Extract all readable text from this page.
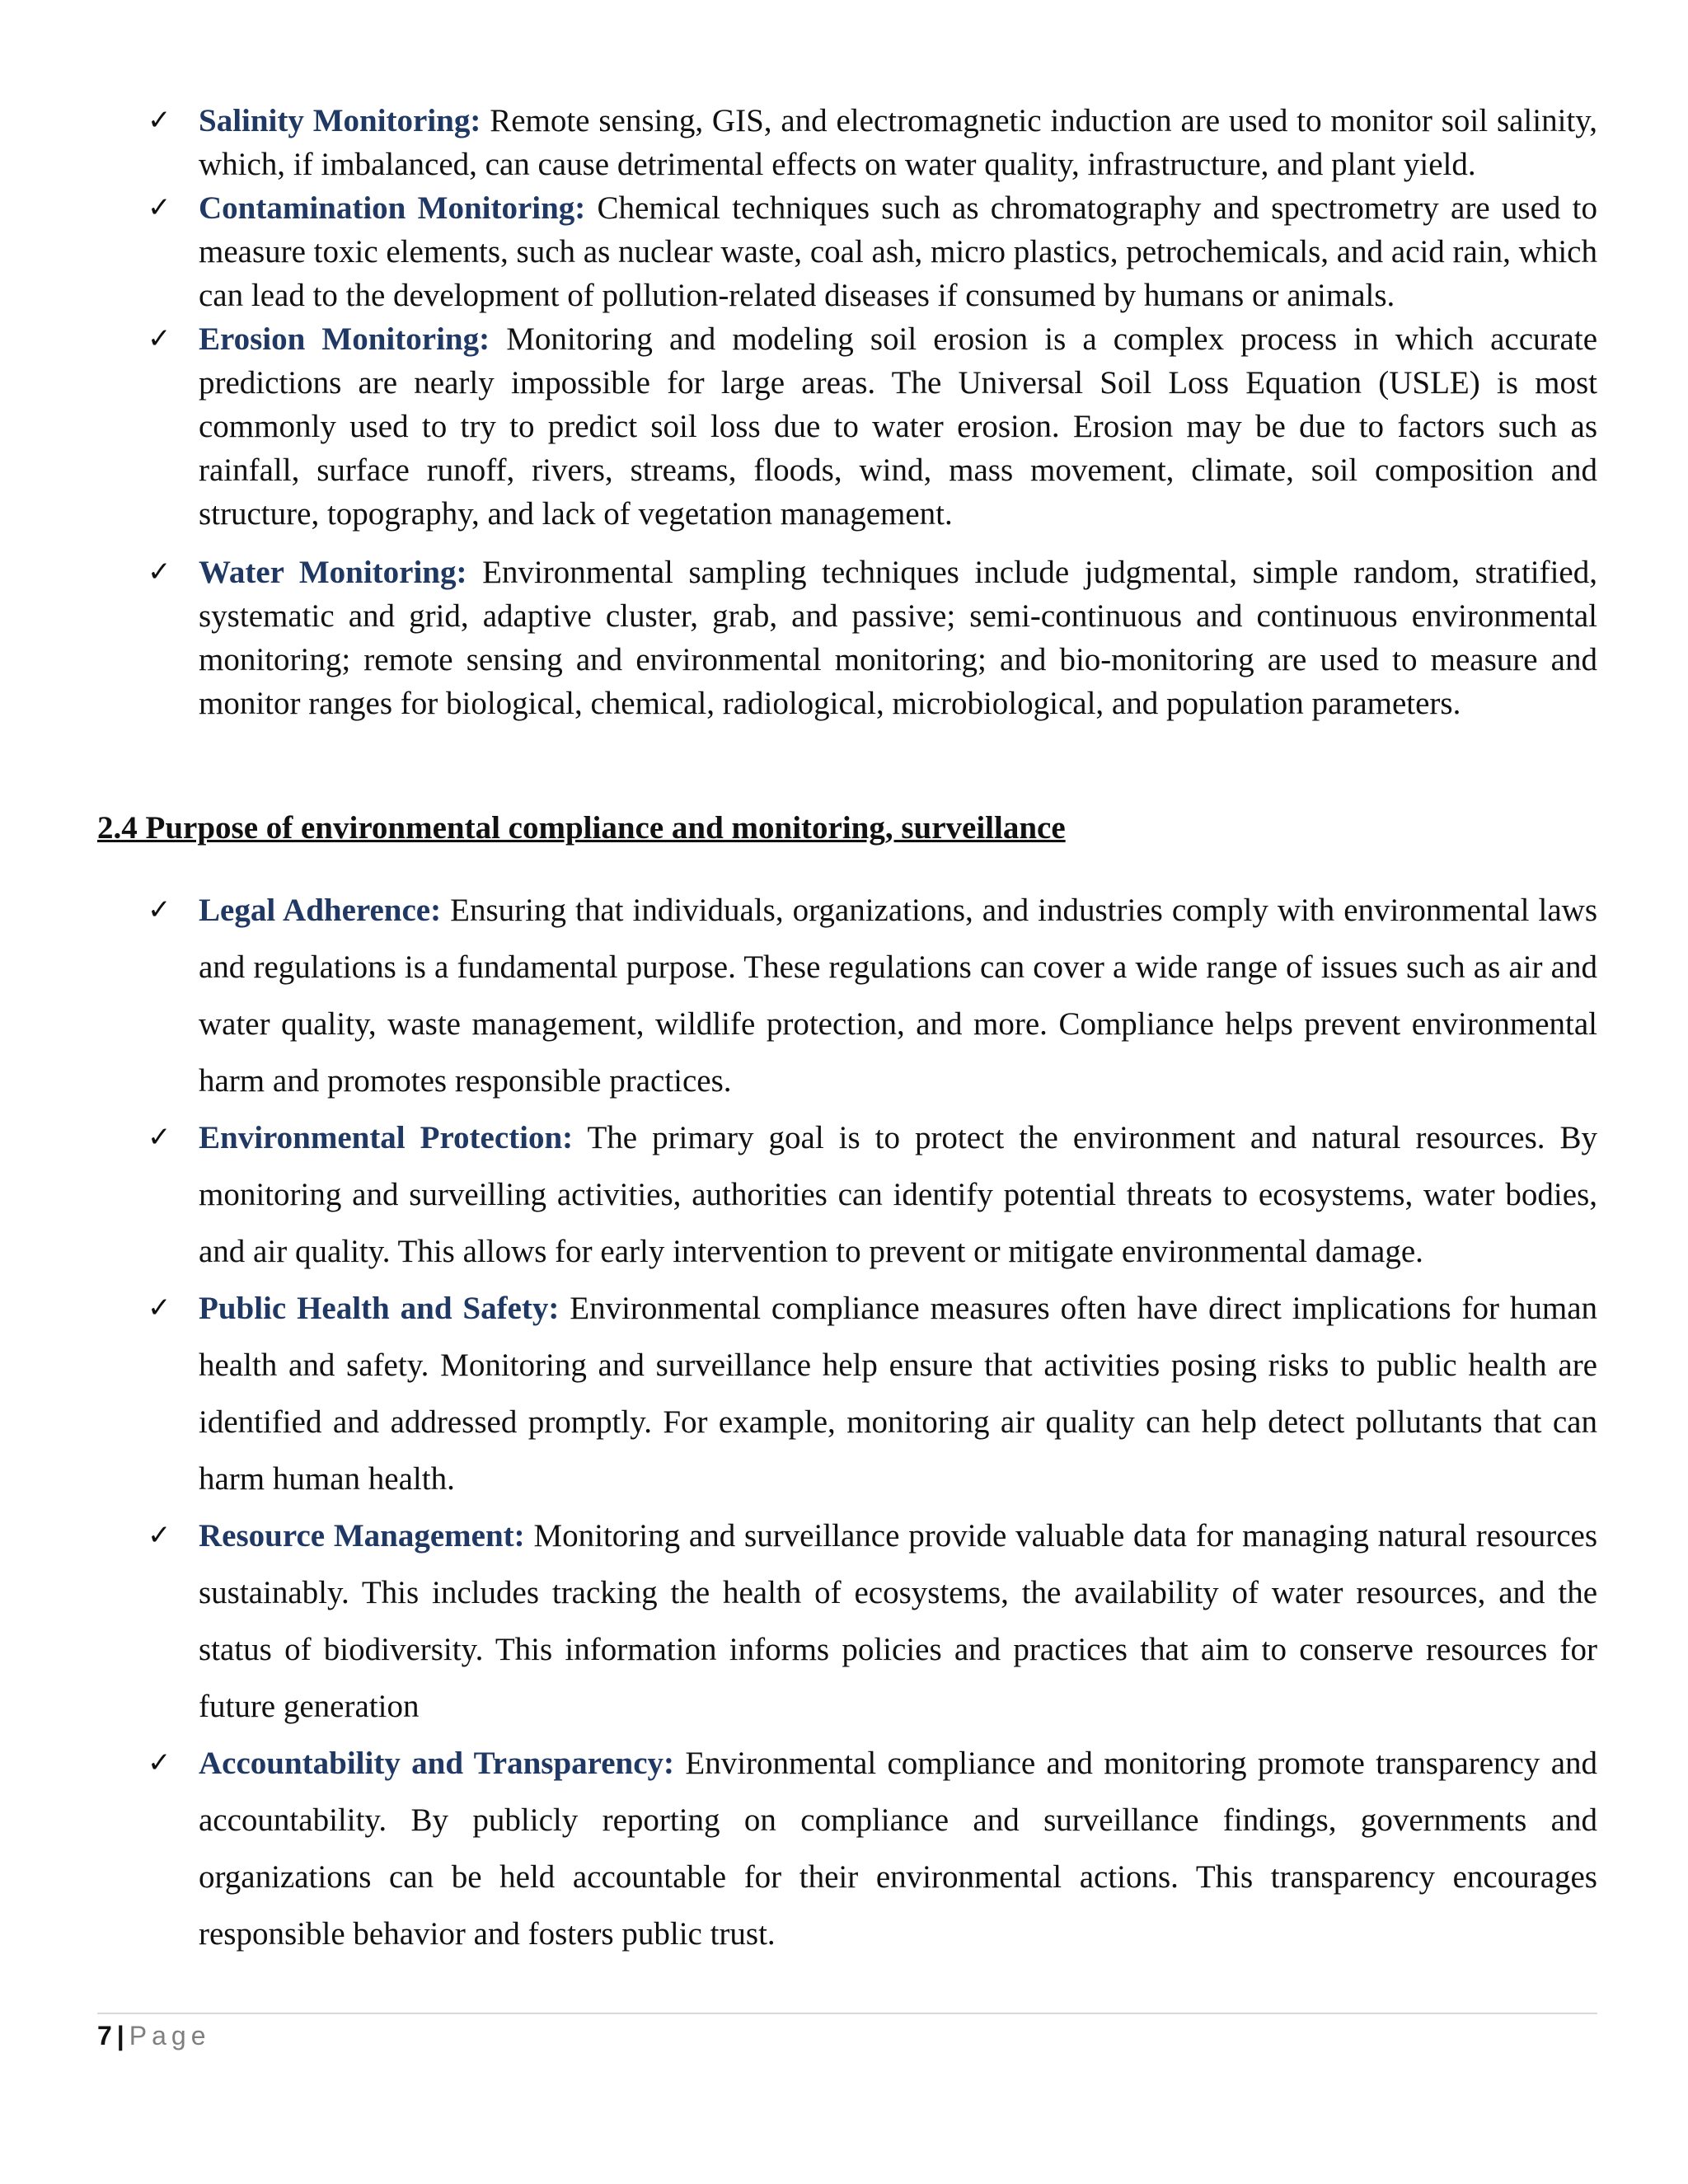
✓ Salinity Monitoring: Remote sensing, GIS, and electromagnetic induction are used to monitor soil salinity, which, if imbalanced, can cause detrimental effects on water quality, infrastructure, and plant yield.
✓ Contamination Monitoring: Chemical techniques such as chromatography and spectrometry are used to measure toxic elements, such as nuclear waste, coal ash, micro plastics, petrochemicals, and acid rain, which can lead to the development of pollution-related diseases if consumed by humans or animals.
✓ Erosion Monitoring: Monitoring and modeling soil erosion is a complex process in which accurate predictions are nearly impossible for large areas. The Universal Soil Loss Equation (USLE) is most commonly used to try to predict soil loss due to water erosion. Erosion may be due to factors such as rainfall, surface runoff, rivers, streams, floods, wind, mass movement, climate, soil composition and structure, topography, and lack of vegetation management.
✓ Water Monitoring: Environmental sampling techniques include judgmental, simple random, stratified, systematic and grid, adaptive cluster, grab, and passive; semi-continuous and continuous environmental monitoring; remote sensing and environmental monitoring; and bio-monitoring are used to measure and monitor ranges for biological, chemical, radiological, microbiological, and population parameters.
2.4 Purpose of environmental compliance and monitoring, surveillance
✓ Legal Adherence: Ensuring that individuals, organizations, and industries comply with environmental laws and regulations is a fundamental purpose. These regulations can cover a wide range of issues such as air and water quality, waste management, wildlife protection, and more. Compliance helps prevent environmental harm and promotes responsible practices.
✓ Environmental Protection: The primary goal is to protect the environment and natural resources. By monitoring and surveilling activities, authorities can identify potential threats to ecosystems, water bodies, and air quality. This allows for early intervention to prevent or mitigate environmental damage.
✓ Public Health and Safety: Environmental compliance measures often have direct implications for human health and safety. Monitoring and surveillance help ensure that activities posing risks to public health are identified and addressed promptly. For example, monitoring air quality can help detect pollutants that can harm human health.
✓ Resource Management: Monitoring and surveillance provide valuable data for managing natural resources sustainably. This includes tracking the health of ecosystems, the availability of water resources, and the status of biodiversity. This information informs policies and practices that aim to conserve resources for future generation
✓ Accountability and Transparency: Environmental compliance and monitoring promote transparency and accountability. By publicly reporting on compliance and surveillance findings, governments and organizations can be held accountable for their environmental actions. This transparency encourages responsible behavior and fosters public trust.
7 | Page
